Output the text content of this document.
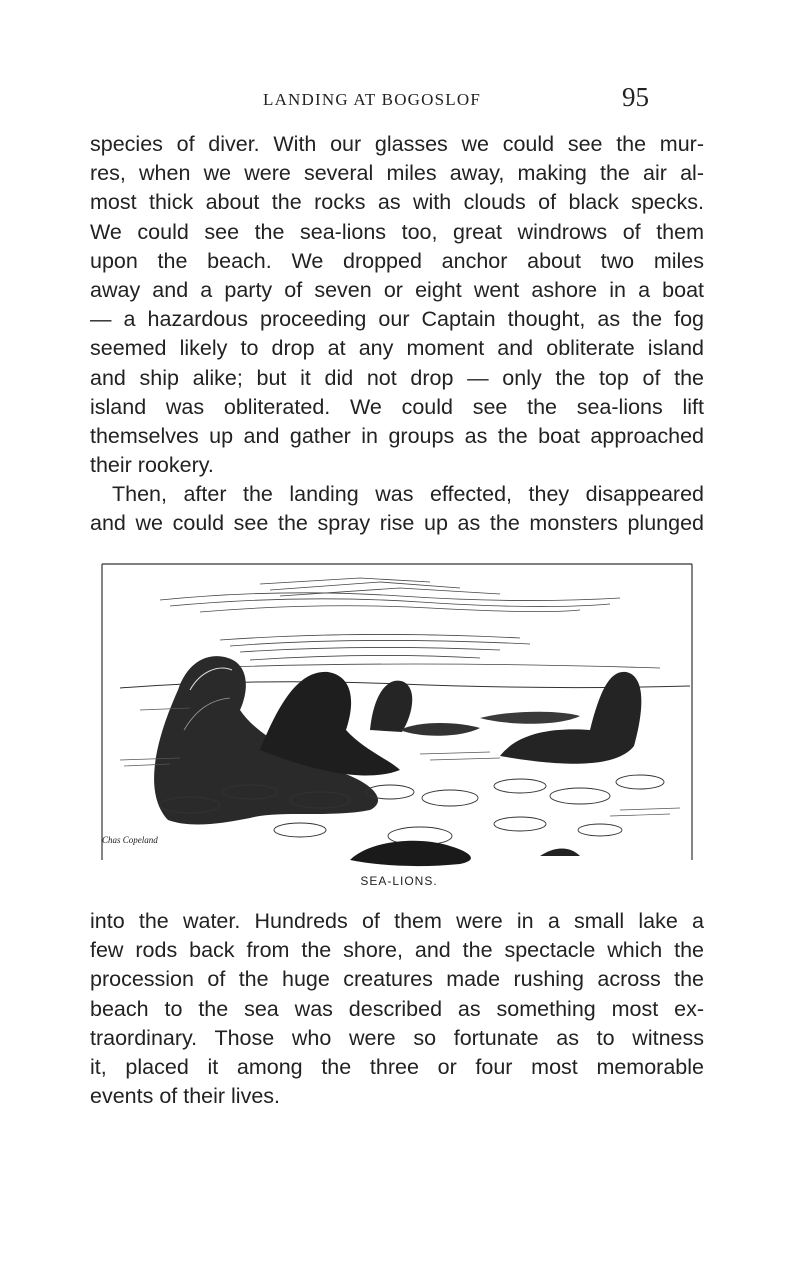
LANDING AT BOGOSLOF	95
species of diver. With our glasses we could see the mur-
res, when we were several miles away, making the air al-
most thick about the rocks as with clouds of black specks.
We could see the sea-lions too, great windrows of them
upon the beach. We dropped anchor about two miles
away and a party of seven or eight went ashore in a boat
— a hazardous proceeding our Captain thought, as the fog
seemed likely to drop at any moment and obliterate island
and ship alike; but it did not drop — only the top of the
island was obliterated. We could see the sea-lions lift
themselves up and gather in groups as the boat approached
their rookery.
Then, after the landing was effected, they disappeared
and we could see the spray rise up as the monsters plunged
Chas Copeland
SEA-LIONS.
into the water. Hundreds of them were in a small lake a
few rods back from the shore, and the spectacle which the
procession of the huge creatures made rushing across the
beach to the sea was described as something most ex-
traordinary. Those who were so fortunate as to witness
it, placed it among the three or four most memorable
events of their lives.
